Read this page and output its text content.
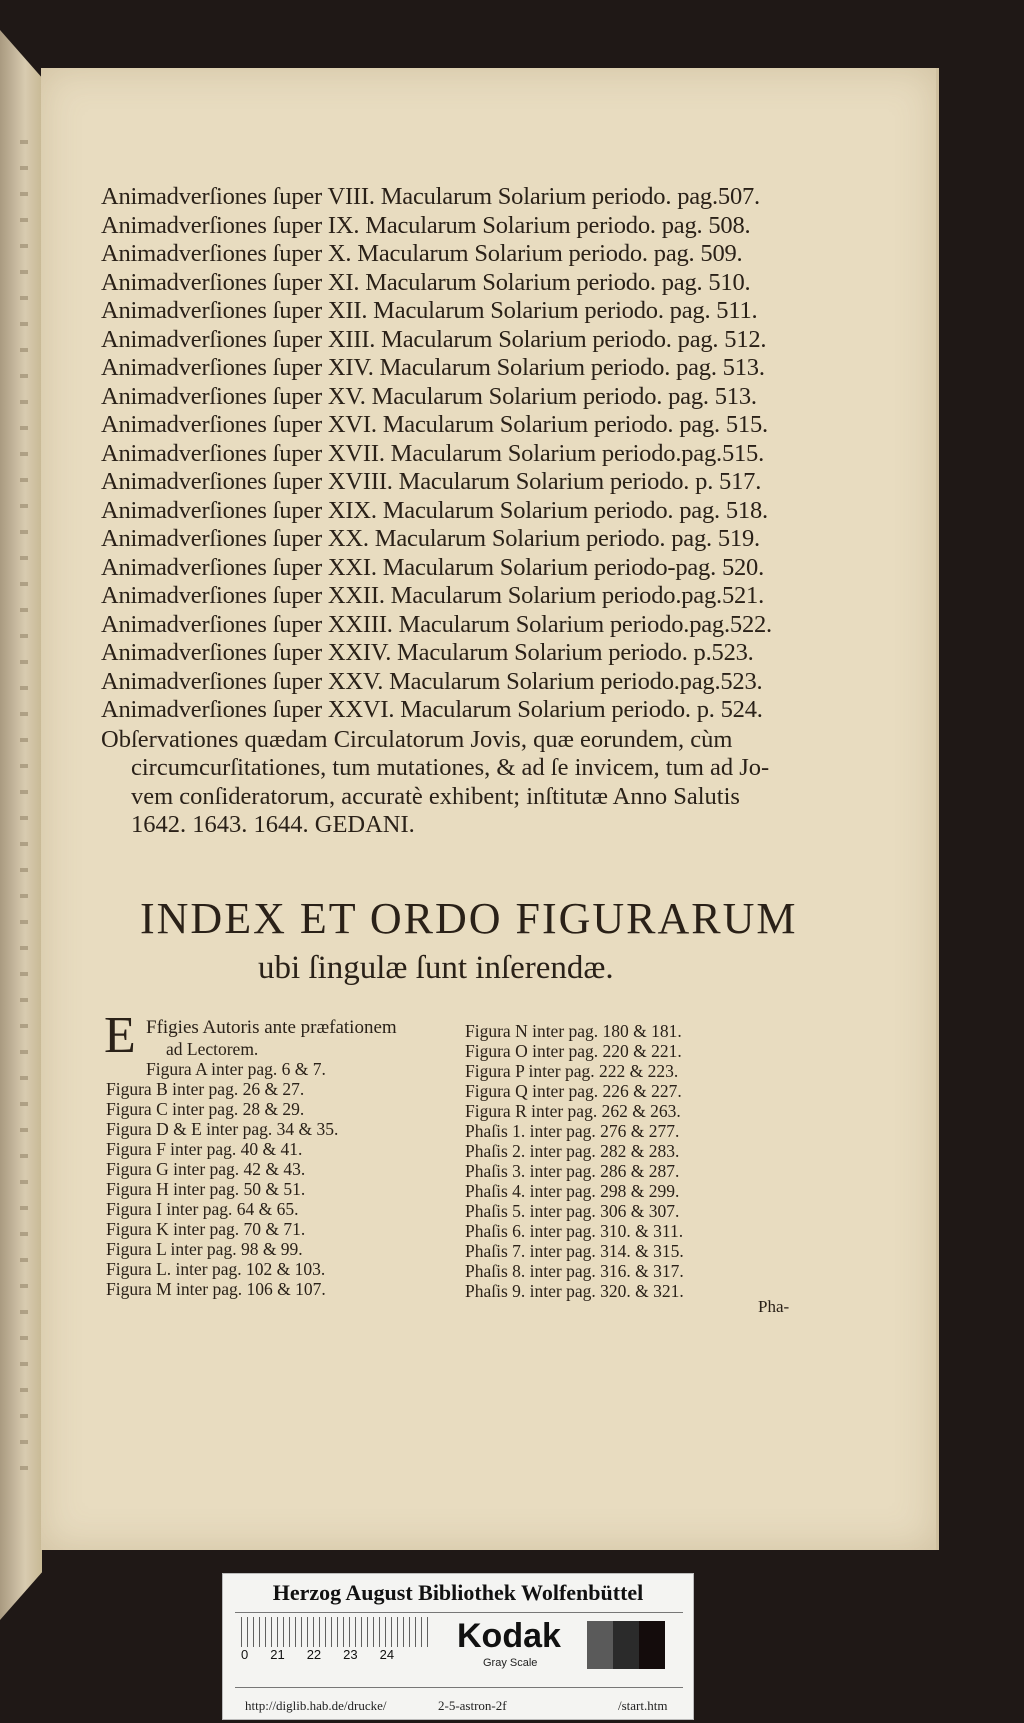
Animadverſiones ſuper VIII. Macularum Solarium periodo. pag.507.
Animadverſiones ſuper IX. Macularum Solarium periodo. pag. 508.
Animadverſiones ſuper X. Macularum Solarium periodo. pag. 509.
Animadverſiones ſuper XI. Macularum Solarium periodo. pag. 510.
Animadverſiones ſuper XII. Macularum Solarium periodo. pag. 511.
Animadverſiones ſuper XIII. Macularum Solarium periodo. pag. 512.
Animadverſiones ſuper XIV. Macularum Solarium periodo. pag. 513.
Animadverſiones ſuper XV. Macularum Solarium periodo. pag. 513.
Animadverſiones ſuper XVI. Macularum Solarium periodo. pag. 515.
Animadverſiones ſuper XVII. Macularum Solarium periodo.pag.515.
Animadverſiones ſuper XVIII. Macularum Solarium periodo. p. 517.
Animadverſiones ſuper XIX. Macularum Solarium periodo. pag. 518.
Animadverſiones ſuper XX. Macularum Solarium periodo. pag. 519.
Animadverſiones ſuper XXI. Macularum Solarium periodo-pag. 520.
Animadverſiones ſuper XXII. Macularum Solarium periodo.pag.521.
Animadverſiones ſuper XXIII. Macularum Solarium periodo.pag.522.
Animadverſiones ſuper XXIV. Macularum Solarium periodo. p.523.
Animadverſiones ſuper XXV. Macularum Solarium periodo.pag.523.
Animadverſiones ſuper XXVI. Macularum Solarium periodo. p. 524.
Obſervationes quædam Circulatorum Jovis, quæ eorundem, cùm
circumcurſitationes, tum mutationes, & ad ſe invicem, tum ad Jo-
vem conſideratorum, accuratè exhibent; inſtitutæ Anno Salutis
1642. 1643. 1644. GEDANI.
INDEX ET ORDO FIGURARUM
ubi ſingulæ ſunt inſerendæ.
E Ffigies Autoris ante præfationem
ad Lectorem.
Figura A inter pag. 6 & 7.
Figura B inter pag. 26 & 27.
Figura C inter pag. 28 & 29.
Figura D & E inter pag. 34 & 35.
Figura F inter pag. 40 & 41.
Figura G inter pag. 42 & 43.
Figura H inter pag. 50 & 51.
Figura I inter pag. 64 & 65.
Figura K inter pag. 70 & 71.
Figura L inter pag. 98 & 99.
Figura L. inter pag. 102 & 103.
Figura M inter pag. 106 & 107.
Figura N inter pag. 180 & 181.
Figura O inter pag. 220 & 221.
Figura P inter pag. 222 & 223.
Figura Q inter pag. 226 & 227.
Figura R inter pag. 262 & 263.
Phaſis 1. inter pag. 276 & 277.
Phaſis 2. inter pag. 282 & 283.
Phaſis 3. inter pag. 286 & 287.
Phaſis 4. inter pag. 298 & 299.
Phaſis 5. inter pag. 306 & 307.
Phaſis 6. inter pag. 310. & 311.
Phaſis 7. inter pag. 314. & 315.
Phaſis 8. inter pag. 316. & 317.
Phaſis 9. inter pag. 320. & 321.
Pha-
Herzog August Bibliothek Wolfenbüttel
0 21 22 23 24 Kodak
Gray Scale
http://diglib.hab.de/drucke/	2-5-astron-2f	/start.htm
